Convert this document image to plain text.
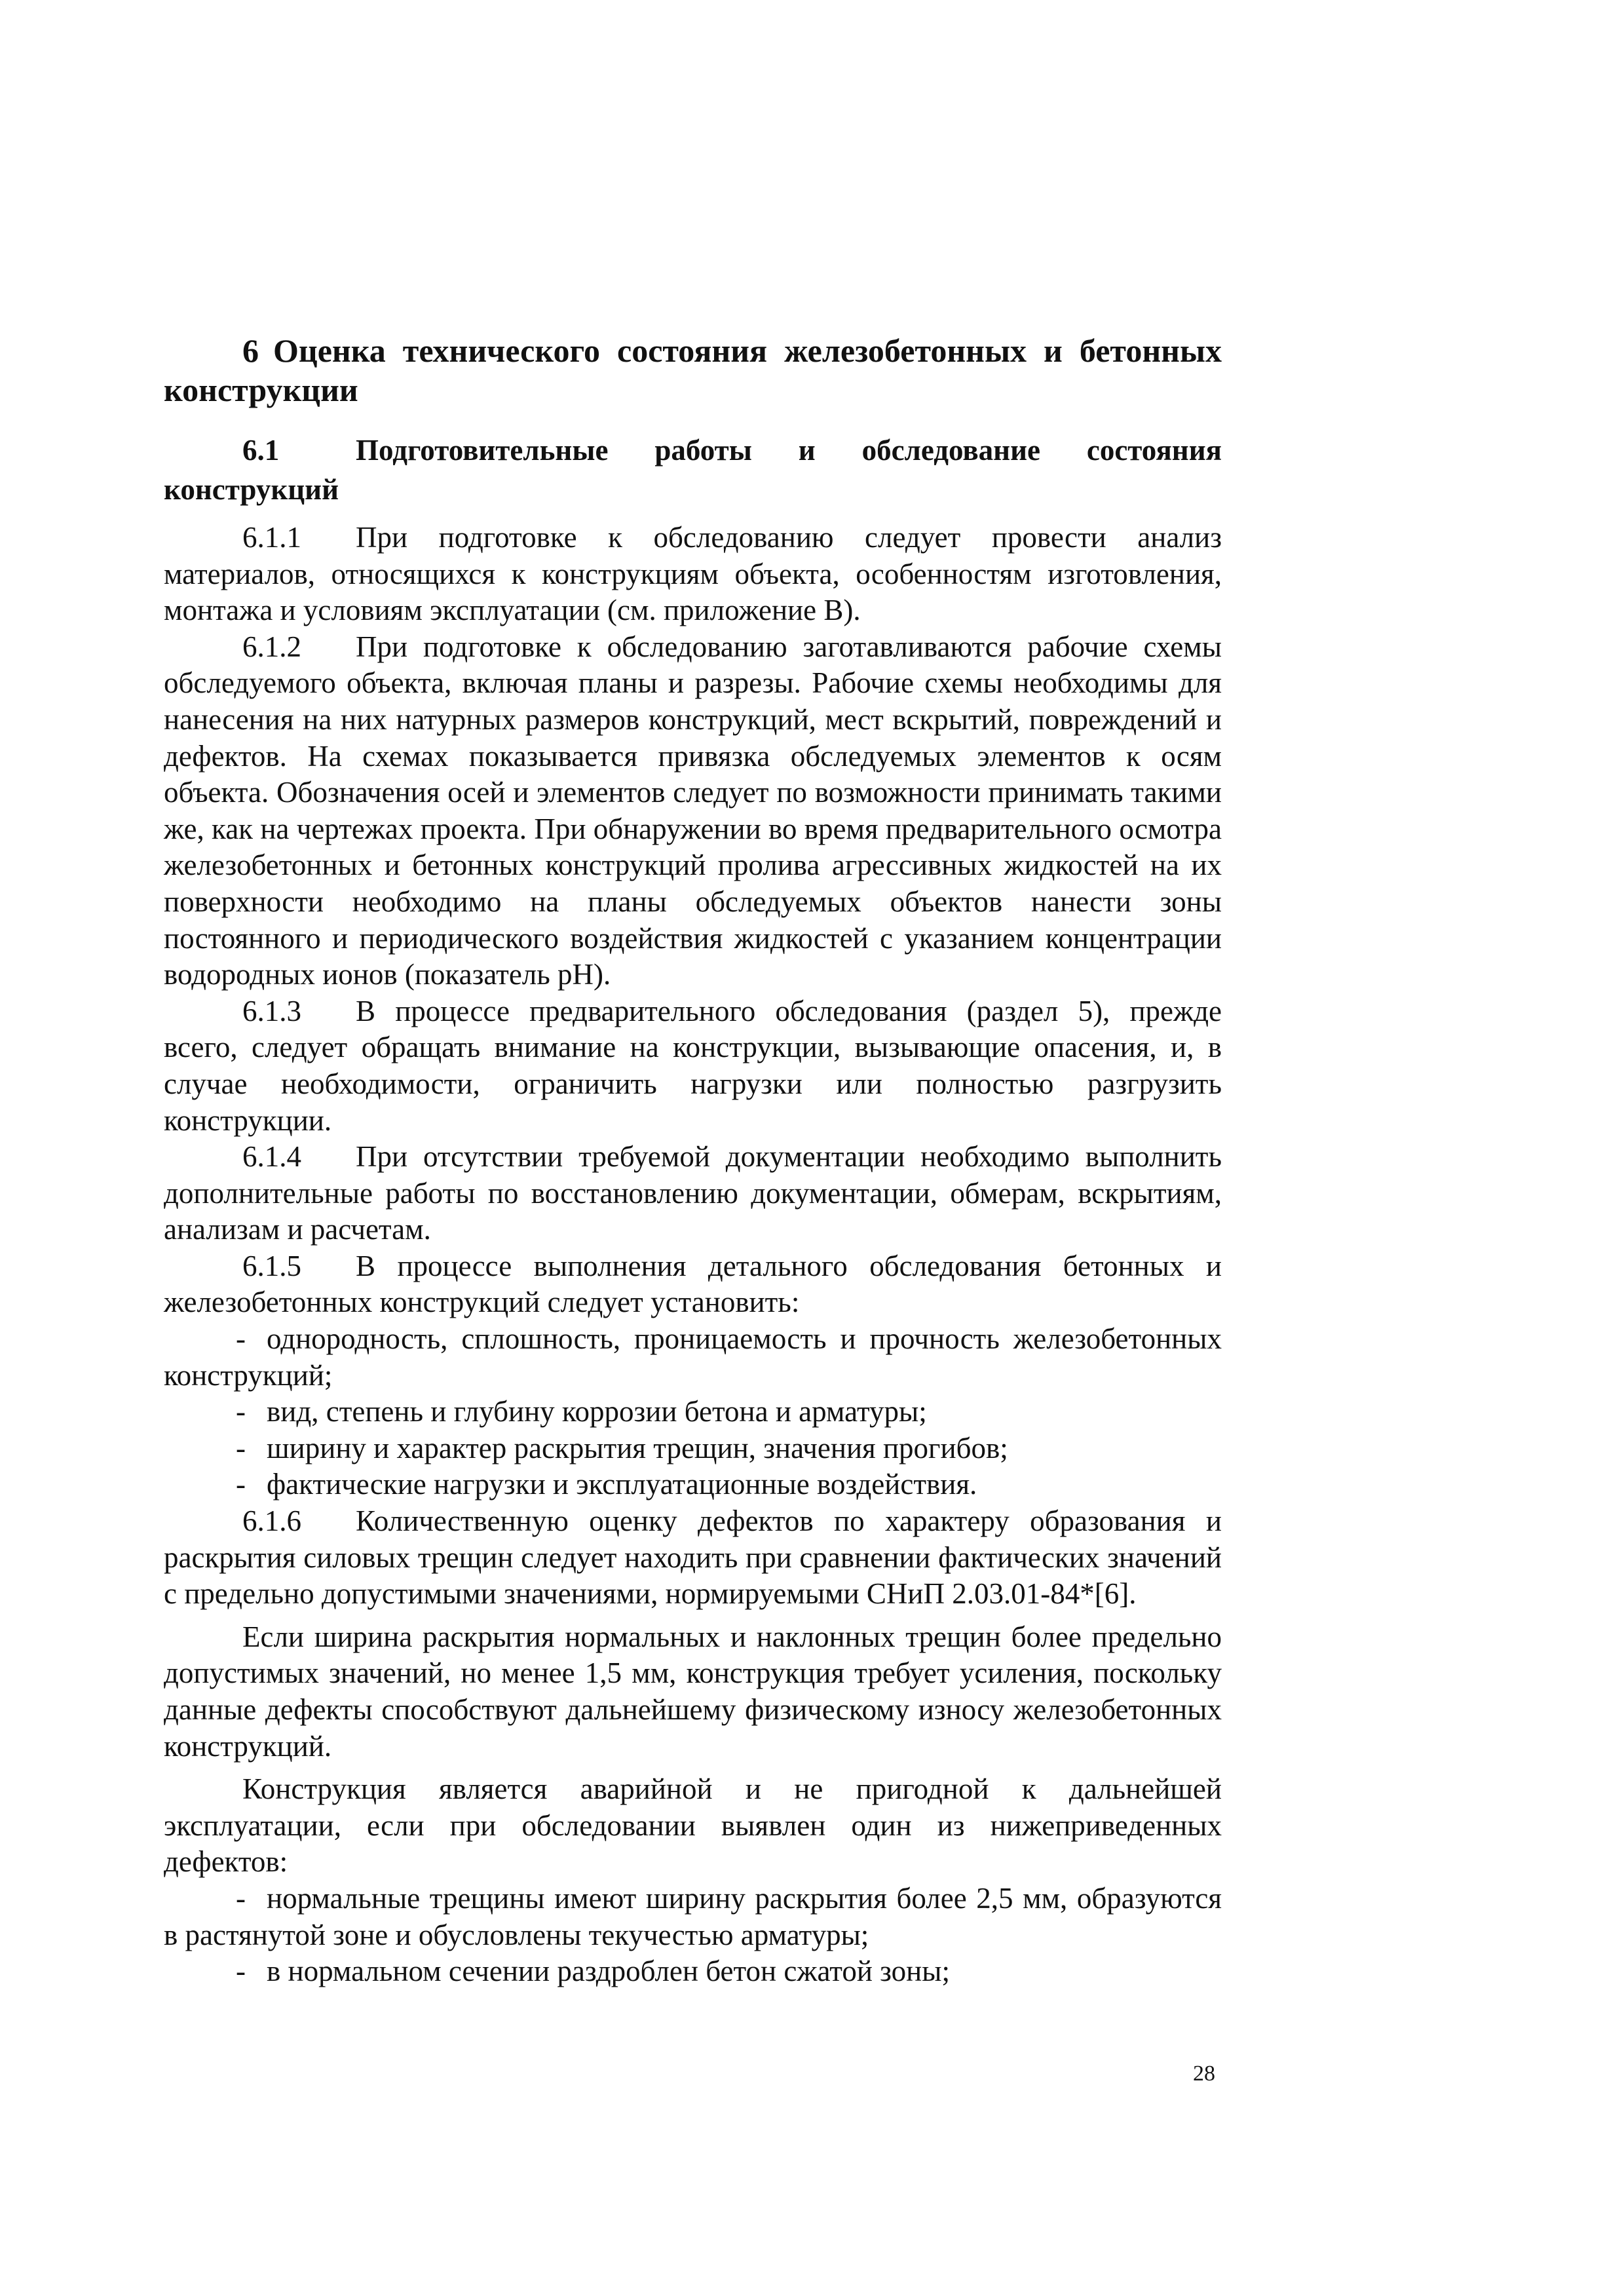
6 Оценка технического состояния железобетонных и бетонных конструкции
6.1	Подготовительные работы и обследование состояния конструкций

6.1.1 При подготовке к обследованию следует провести анализ материалов, относящихся к конструкциям объекта, особенностям изготовления, монтажа и условиям эксплуатации (см. приложение В).

6.1.2 При подготовке к обследованию заготавливаются рабочие схемы обследуемого объекта, включая планы и разрезы. Рабочие схемы необходимы для нанесения на них натурных размеров конструкций, мест вскрытий, повреждений и дефектов. На схемах показывается привязка обследуемых элементов к осям объекта. Обозначения осей и элементов следует по возможности принимать такими же, как на чертежах проекта. При обнаружении во время предварительного осмотра железобетонных и бетонных конструкций пролива агрессивных жидкостей на их поверхности необходимо на планы обследуемых объектов нанести зоны постоянного и периодического воздействия жидкостей с указанием концентрации водородных ионов (показатель pH).

6.1.3 В процессе предварительного обследования (раздел 5), прежде всего, следует обращать внимание на конструкции, вызывающие опасения, и, в случае необходимости, ограничить нагрузки или полностью разгрузить конструкции.

6.1.4 При отсутствии требуемой документации необходимо выполнить дополнительные работы по восстановлению документации, обмерам, вскрытиям, анализам и расчетам.

6.1.5 В процессе выполнения детального обследования бетонных и железобетонных конструкций следует установить:

- однородность, сплошность, проницаемость и прочность железобетонных конструкций;

- вид, степень и глубину коррозии бетона и арматуры;

- ширину и характер раскрытия трещин, значения прогибов;

- фактические нагрузки и эксплуатационные воздействия.

6.1.6 Количественную оценку дефектов по характеру образования и раскрытия силовых трещин следует находить при сравнении фактических значений с предельно допустимыми значениями, нормируемыми СНиП 2.03.01-84*[6].

Если ширина раскрытия нормальных и наклонных трещин более предельно допустимых значений, но менее 1,5 мм, конструкция требует усиления, поскольку данные дефекты способствуют дальнейшему физическому износу железобетонных конструкций.

Конструкция является аварийной и не пригодной к дальнейшей эксплуатации, если при обследовании выявлен один из нижеприведенных дефектов:

- нормальные трещины имеют ширину раскрытия более 2,5 мм, образуются в растянутой зоне и обусловлены текучестью арматуры;

- в нормальном сечении раздроблен бетон сжатой зоны;

28
